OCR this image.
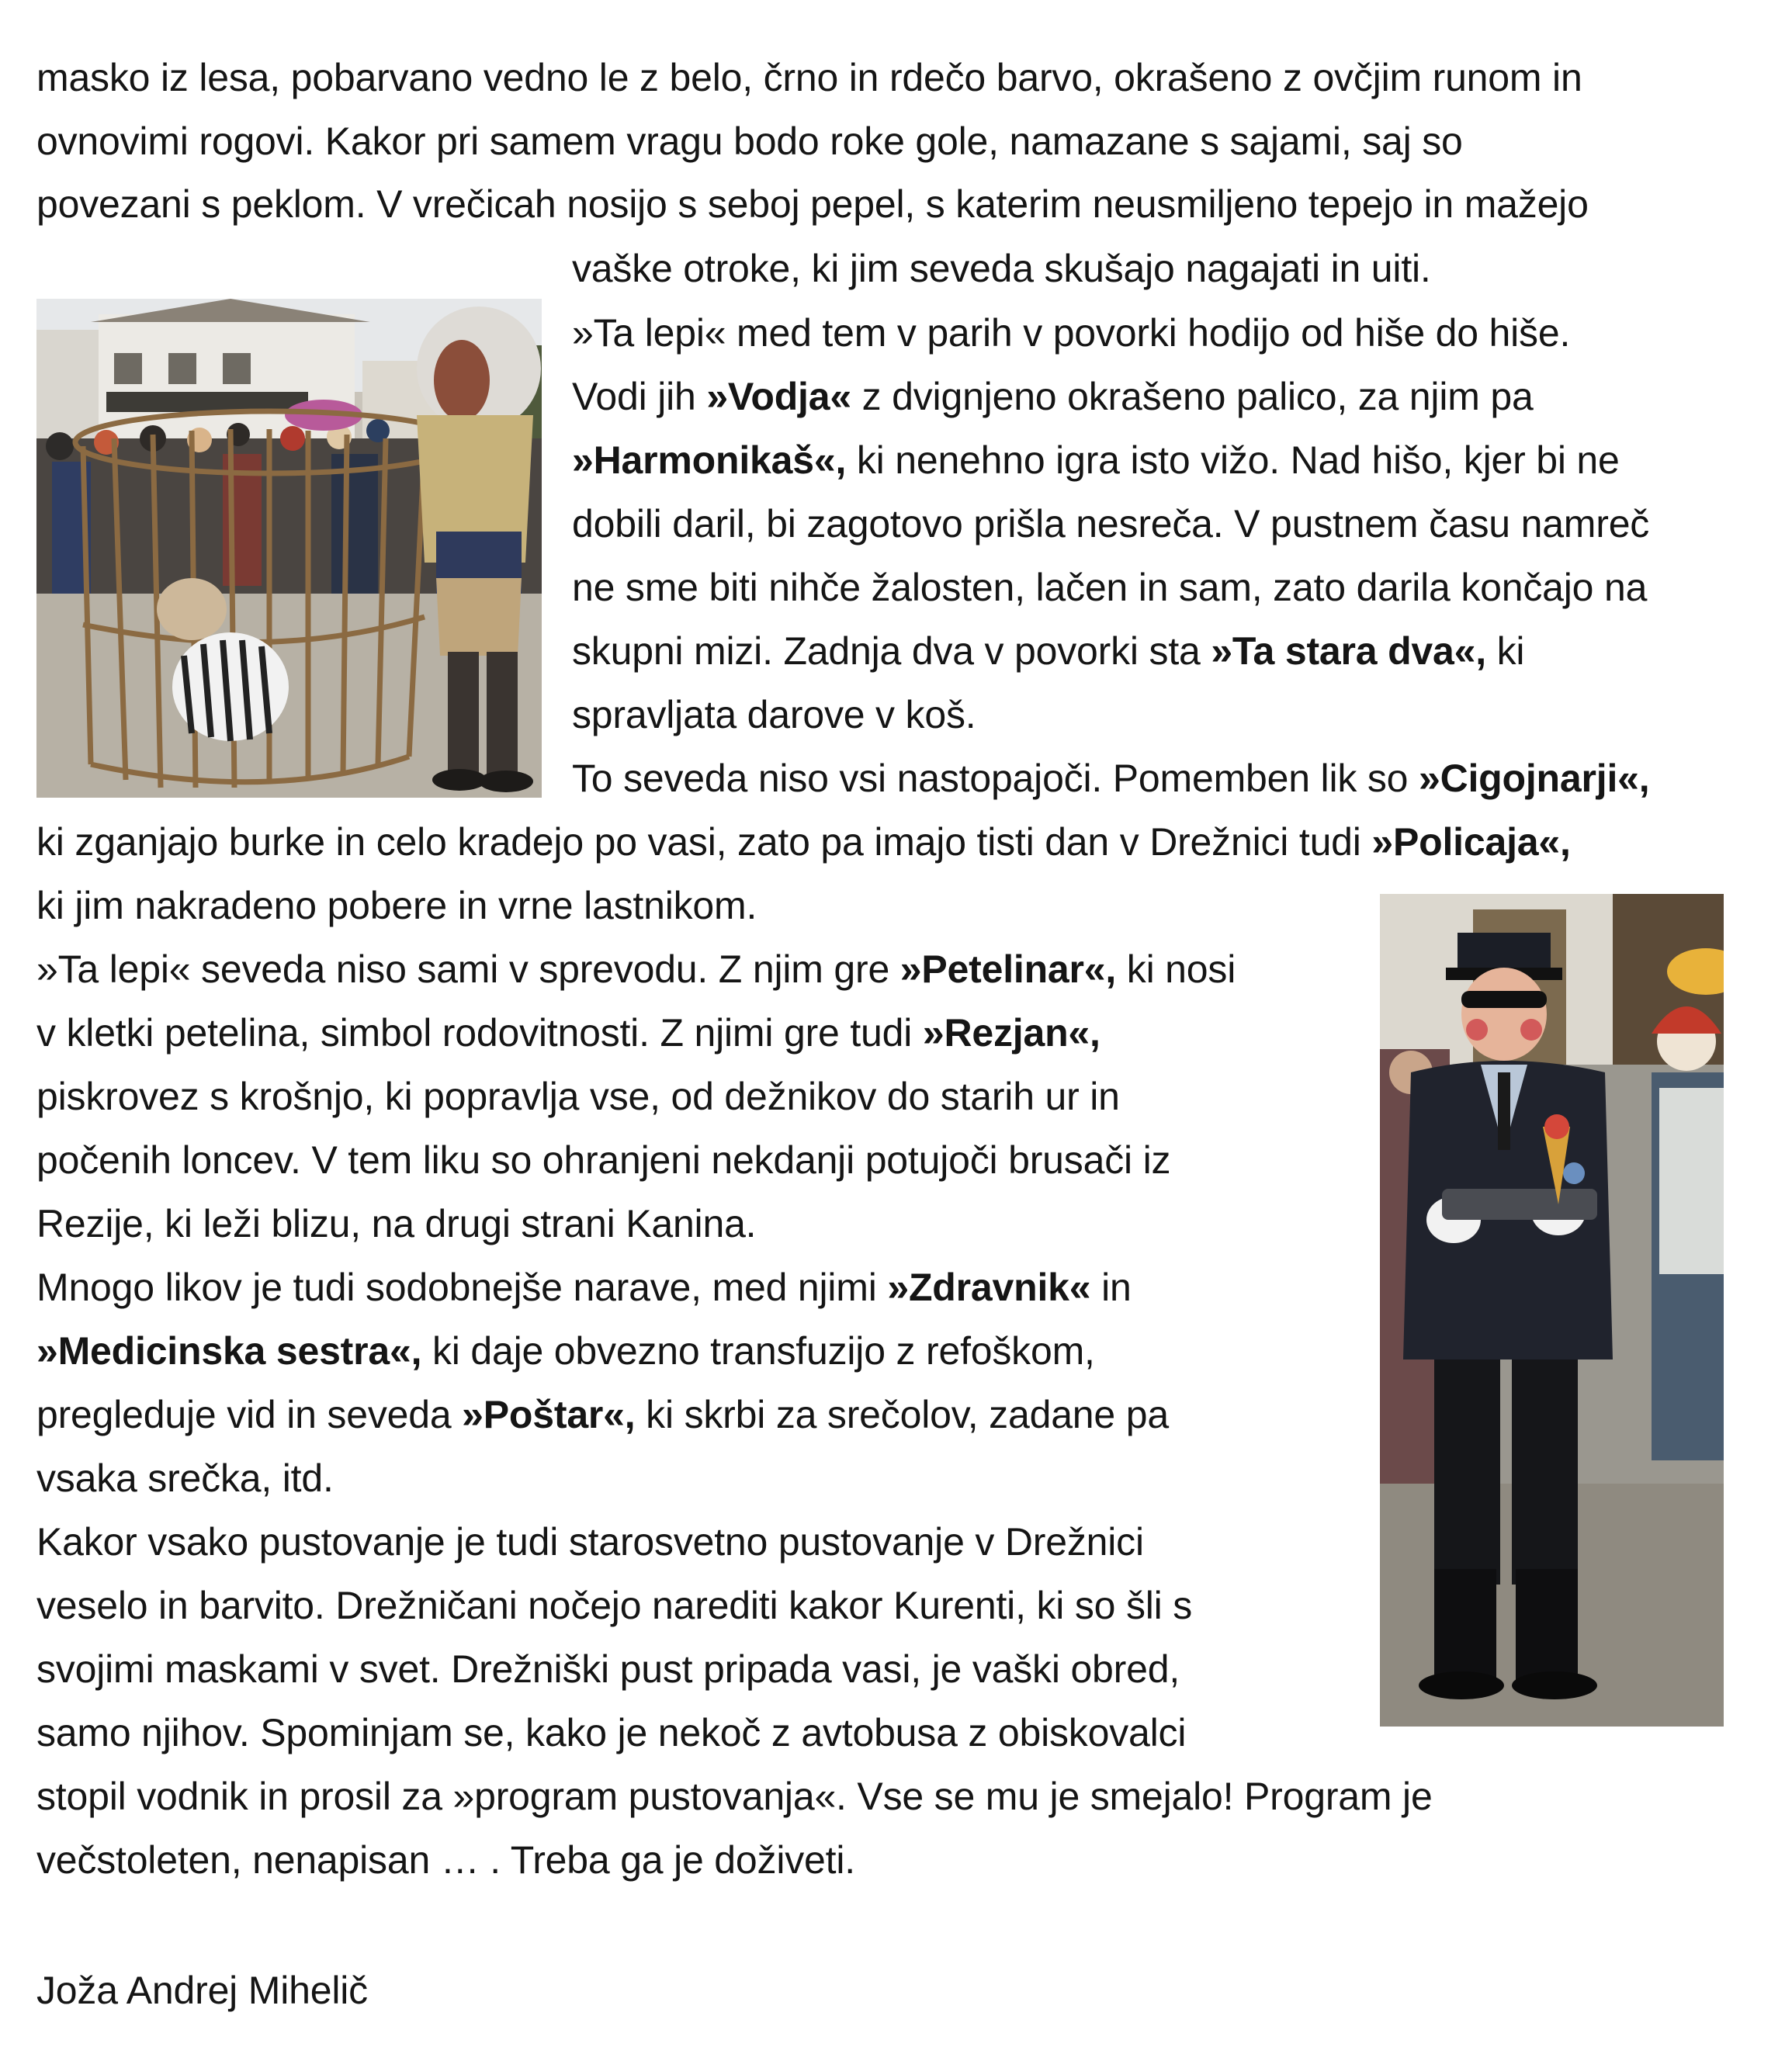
masko iz lesa, pobarvano vedno le z belo, črno in rdečo barvo, okrašeno z ovčjim runom in
ovnovimi rogovi. Kakor pri samem vragu bodo roke gole, namazane s sajami, saj so
povezani s peklom. V vrečicah nosijo s seboj pepel, s katerim neusmiljeno tepejo in mažejo
vaške otroke, ki jim seveda skušajo nagajati in uiti.
»Ta lepi« med tem v parih v povorki hodijo od hiše do hiše.
Vodi jih »Vodja« z dvignjeno okrašeno palico, za njim pa
»Harmonikaš«, ki nenehno igra isto vižo. Nad hišo, kjer bi ne
dobili daril, bi zagotovo prišla nesreča. V pustnem času namreč
ne sme biti nihče žalosten, lačen in sam, zato darila končajo na
skupni mizi. Zadnja dva v povorki sta »Ta stara dva«, ki
spravljata darove v koš.
To seveda niso vsi nastopajoči. Pomemben lik so »Cigojnarji«,
ki zganjajo burke in celo kradejo po vasi, zato pa imajo tisti dan v Drežnici tudi »Policaja«,
ki jim nakradeno pobere in vrne lastnikom.
»Ta lepi« seveda niso sami v sprevodu. Z njim gre »Petelinar«, ki nosi
v kletki petelina, simbol rodovitnosti. Z njimi gre tudi »Rezjan«,
piskrovez s krošnjo, ki popravlja vse, od dežnikov do starih ur in
počenih loncev. V tem liku so ohranjeni nekdanji potujoči brusači iz
Rezije, ki leži blizu, na drugi strani Kanina.
Mnogo likov je tudi sodobnejše narave, med njimi »Zdravnik« in
»Medicinska sestra«, ki daje obvezno transfuzijo z refoškom,
pregleduje vid in seveda »Poštar«, ki skrbi za srečolov, zadane pa
vsaka srečka, itd.
Kakor vsako pustovanje je tudi starosvetno pustovanje v Drežnici
veselo in barvito. Drežničani nočejo narediti kakor Kurenti, ki so šli s
svojimi maskami v svet. Drežniški pust pripada vasi, je vaški obred,
samo njihov. Spominjam se, kako je nekoč z avtobusa z obiskovalci
stopil vodnik in prosil za »program pustovanja«. Vse se mu je smejalo! Program je
večstoleten, nenapisan … . Treba ga je doživeti.
Joža Andrej Mihelič
